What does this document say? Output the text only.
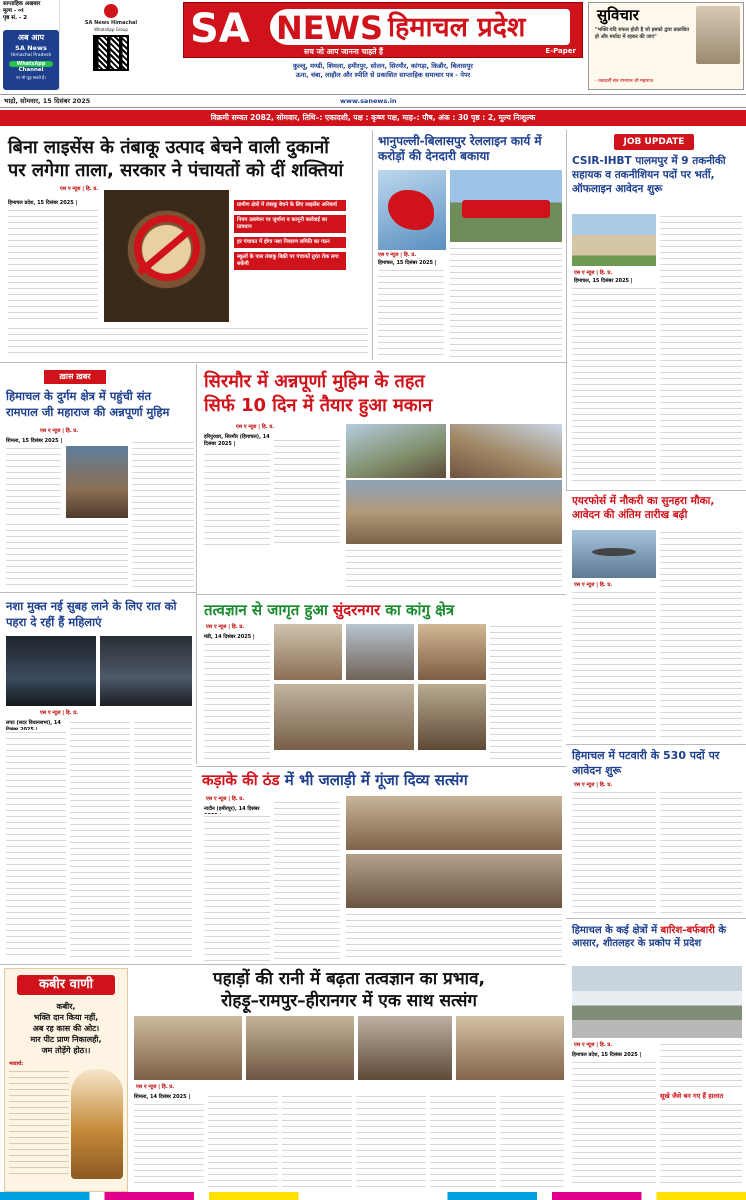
साप्ताहिक अखबार
मूल्य - ०१
पृष्ठ सं. - 2
अब आप
SA News
Himachal Pradesh
WhatsApp
Channel
पर भी जुड़ सकते हैं।
SA News Himachal
WhatsApp Group	SA NEWS हिमाचल प्रदेश
सच जो आप जानना चाहते हैं	E-Paper
कुल्लू, मण्डी, शिमला, हमीरपुर, सोलन, सिरमौर, कांगड़ा, किन्नौर, बिलासपुर
ऊना, चंबा, लाहौल और स्पीति से प्रकाशित साप्ताहिक समाचार पत्र - पेपर
सुविचार
"भक्ति यदि सफल होती है जो इसको द्वारा प्रकाशित हो और मर्यादा में रहकर की जाए"
- तत्वदर्शी संत रामपाल जी महाराज
भाद्रो, सोमवार, 15 दिसंबर 2025	www.sanews.in
विक्रमी सम्वत 2082, सोमवार, तिथि–: एकादशी, पक्ष : कृष्ण पक्ष, माह–: पौष, अंक : 30 पृष्ठ : 2, मूल्य निःशुल्क
बिना लाइसेंस के तंबाकू उत्पाद बेचने वाली दुकानों
पर लगेगा ताला, सरकार ने पंचायतों को दीं शक्तियां
एस ए न्यूज | हि. प्र.
हिमाचल प्रदेश, 15 दिसंबर 2025 |	ग्रामीण क्षेत्रों में तंबाकू बेचने के लिए लाइसेंस अनिवार्य
नियम उल्लंघन पर जुर्माना व कानूनी कार्रवाई का प्रावधान
हर पंचायत में होगा नशा निवारण समिति का गठन
स्कूलों के पास तंबाकू बिक्री पर पंचायतें तुरंत रोक लगा सकेंगी
भानुपल्ली-बिलासपुर रेललाइन कार्य में करोड़ों की देनदारी बकाया
एस ए न्यूज | हि. प्र.
हिमाचल, 15 दिसंबर 2025 |
JOB UPDATE
CSIR-IHBT पालमपुर में 9 तकनीकी सहायक व तकनीशियन पदों पर भर्ती, ऑफलाइन आवेदन शुरू
एस ए न्यूज | हि. प्र.
हिमाचल, 15 दिसंबर 2025 |
ख़ास ख़बर
हिमाचल के दुर्गम क्षेत्र में पहुंची संत रामपाल जी महाराज की अन्नपूर्णा मुहिम
एस ए न्यूज | हि. प्र.
शिमला, 15 दिसंबर 2025 |
सिरमौर में अन्नपूर्णा मुहिम के तहत
सिर्फ 10 दिन में तैयार हुआ मकान
एस ए न्यूज | हि. प्र.
हरिपुरधार, सिरमौर (हिमाचल), 14 दिसंबर 2025 |
एयरफोर्स में नौकरी का सुनहरा मौका, आवेदन की अंतिम तारीख बढ़ी
एस ए न्यूज | हि. प्र.
तत्वज्ञान से जागृत हुआ सुंदरनगर का कांगु क्षेत्र
एस ए न्यूज | हि. प्र.
मंडी, 14 दिसंबर 2025 |
हिमाचल में पटवारी के 530 पदों पर आवेदन शुरू
एस ए न्यूज | हि. प्र.
नशा मुक्त नई सुबह लाने के लिए रात को पहरा दे रहीं हैं महिलाएं
एस ए न्यूज | हि. प्र.
लपट (सदर विधानसभा), 14
कड़ाके की ठंड में भी जलाड़ी में गूंजा दिव्य सत्संग
एस ए न्यूज | हि. प्र.
नादौन (हमीरपुर), 14 दिसंबर
हिमाचल के कई क्षेत्रों में बारिश-बर्फबारी के आसार, शीतलहर के प्रकोप में प्रदेश
एस ए न्यूज | हि. प्र.
हिमाचल प्रदेश, 15 दिसंबर 2025 |
सूखे जैसे बन गए हैं हालात
कबीर वाणी
कबीर,
भक्ति दान किया नहीं,
अब रह कास की ओट।
मार पीट प्राण निकालही,
जम तोड़ेंगे होठ।।
भावार्थ:
पहाड़ों की रानी में बढ़ता तत्वज्ञान का प्रभाव,
रोहड़ू–रामपुर–हीरानगर में एक साथ सत्संग
एस ए न्यूज | हि. प्र.
शिमला, 14 दिसंबर 2025 |
